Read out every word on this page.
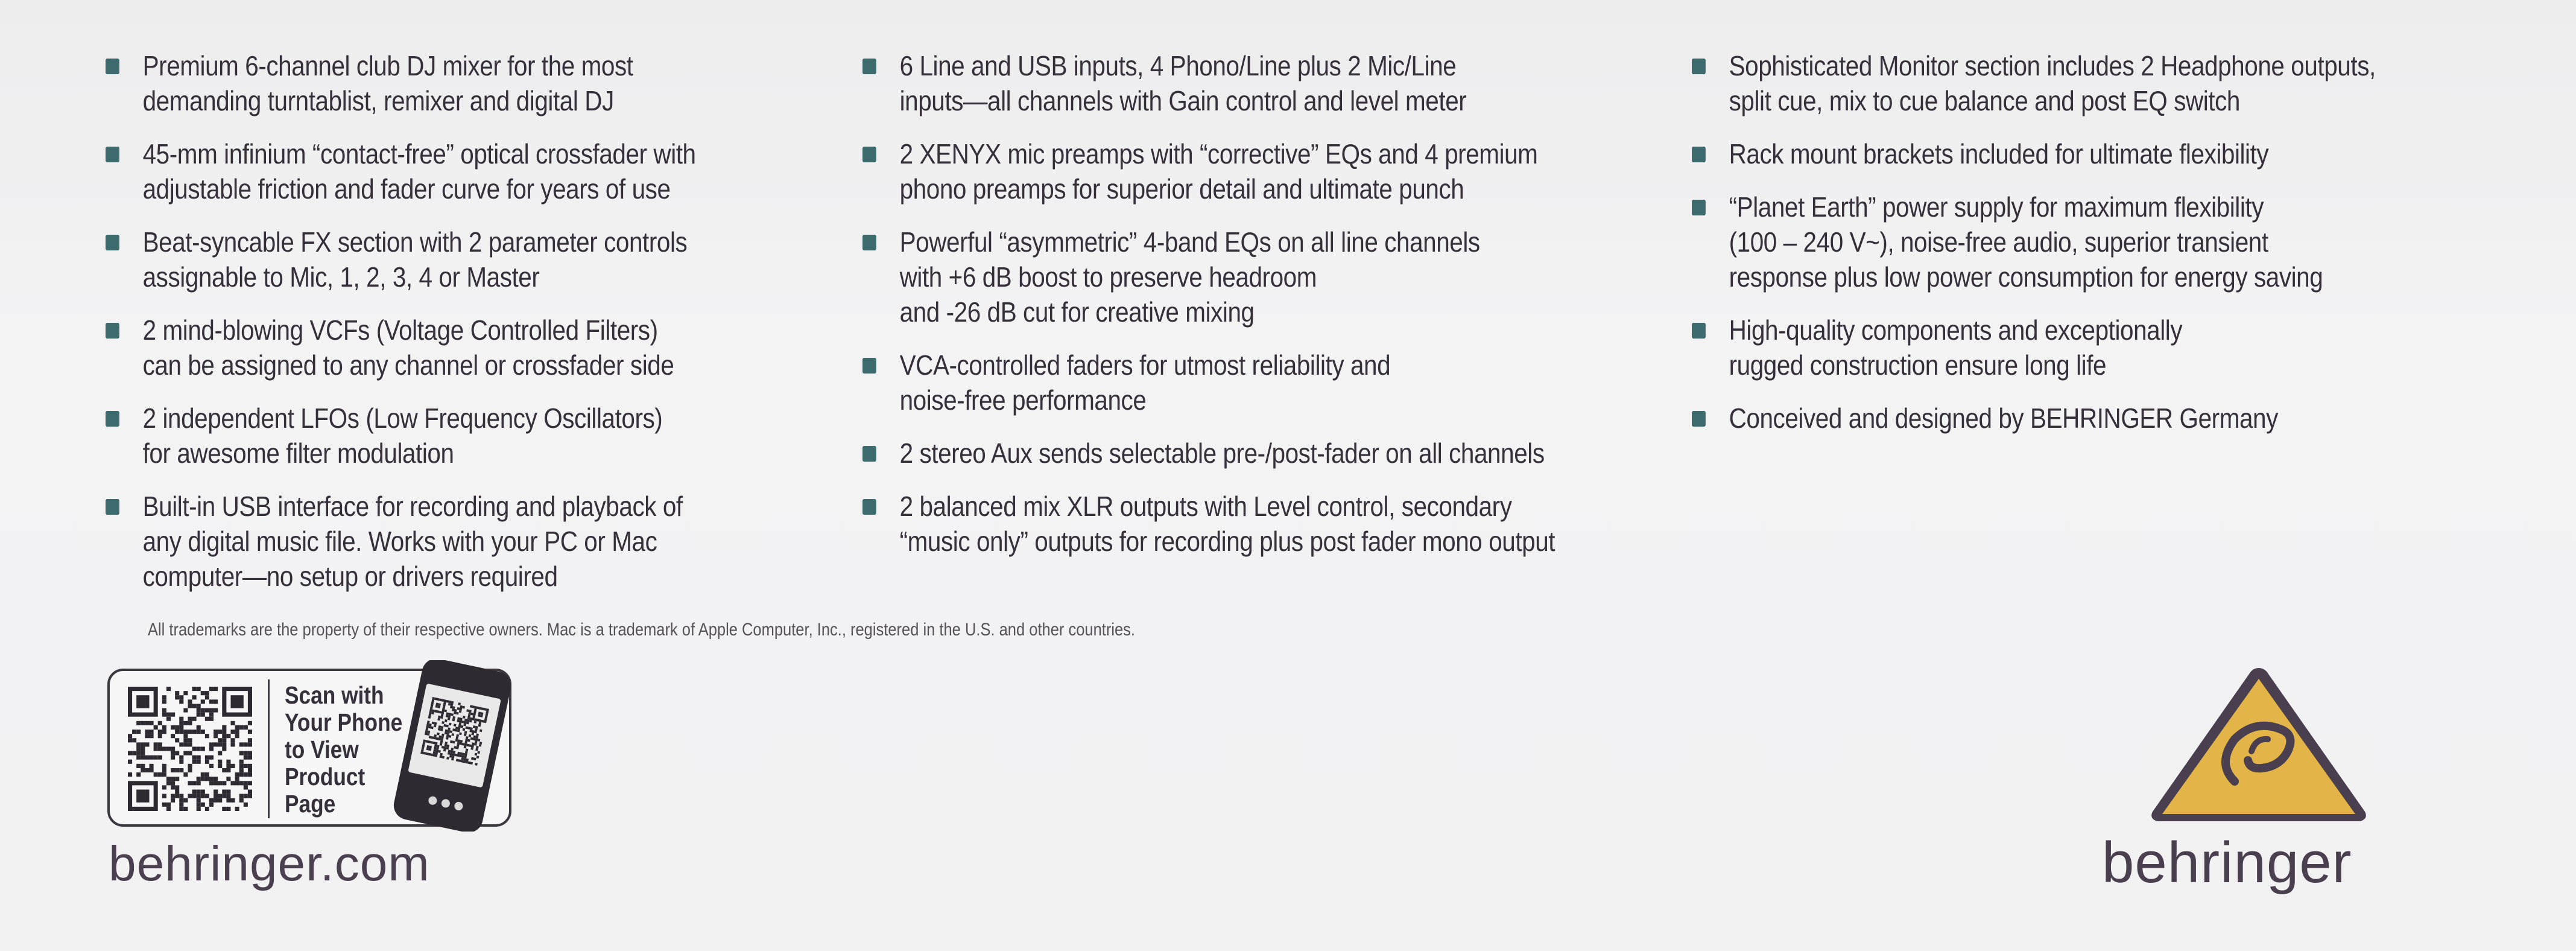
Premium 6-channel club DJ mixer for the most
demanding turntablist, remixer and digital DJ
45-mm infinium “contact-free” optical crossfader with
adjustable friction and fader curve for years of use
Beat-syncable FX section with 2 parameter controls
assignable to Mic, 1, 2, 3, 4 or Master
2 mind-blowing VCFs (Voltage Controlled Filters)
can be assigned to any channel or crossfader side
2 independent LFOs (Low Frequency Oscillators)
for awesome filter modulation
Built-in USB interface for recording and playback of
any digital music file. Works with your PC or Mac
computer—no setup or drivers required
6 Line and USB inputs, 4 Phono/Line plus 2 Mic/Line
inputs—all channels with Gain control and level meter
2 XENYX mic preamps with “corrective” EQs and 4 premium
phono preamps for superior detail and ultimate punch
Powerful “asymmetric” 4-band EQs on all line channels
with +6 dB boost to preserve headroom
and -26 dB cut for creative mixing
VCA-controlled faders for utmost reliability and
noise-free performance
2 stereo Aux sends selectable pre-/post-fader on all channels
2 balanced mix XLR outputs with Level control, secondary
“music only” outputs for recording plus post fader mono output
Sophisticated Monitor section includes 2 Headphone outputs,
split cue, mix to cue balance and post EQ switch
Rack mount brackets included for ultimate flexibility
“Planet Earth” power supply for maximum flexibility
(100 – 240 V~), noise-free audio, superior transient
response plus low power consumption for energy saving
High-quality components and exceptionally
rugged construction ensure long life
Conceived and designed by BEHRINGER Germany
All trademarks are the property of their respective owners. Mac is a trademark of Apple Computer, Inc., registered in the U.S. and other countries.
Scan with
Your Phone
to View
Product
Page
behringer.com	behringer
